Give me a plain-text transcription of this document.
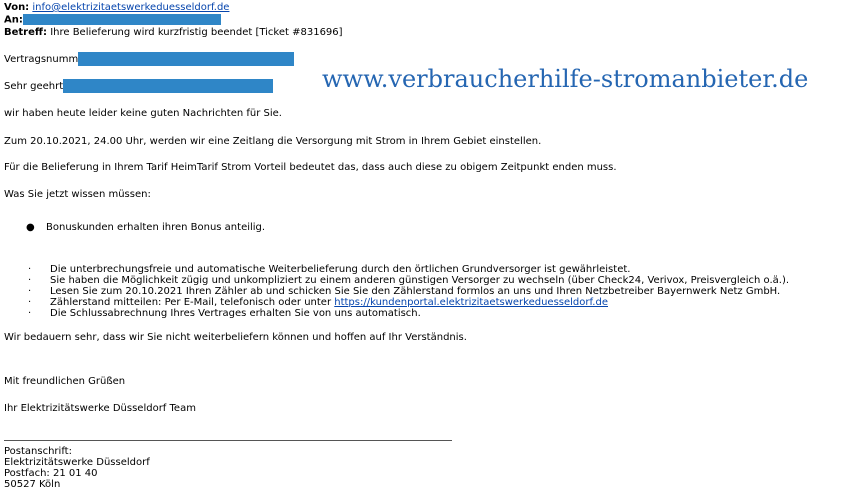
Von: info@elektrizitaetswerkeduesseldorf.de
An:
Betreff: Ihre Belieferung wird kurzfristig beendet [Ticket #831696]
Vertragsnumm
Sehr geehrt	www.verbraucherhilfe-stromanbieter.de
wir haben heute leider keine guten Nachrichten für Sie.
Zum 20.10.2021, 24.00 Uhr, werden wir eine Zeitlang die Versorgung mit Strom in Ihrem Gebiet einstellen.
Für die Belieferung in Ihrem Tarif HeimTarif Strom Vorteil bedeutet das, dass auch diese zu obigem Zeitpunkt enden muss.
Was Sie jetzt wissen müssen:
● Bonuskunden erhalten ihren Bonus anteilig.
· Die unterbrechungsfreie und automatische Weiterbelieferung durch den örtlichen Grundversorger ist gewährleistet.
· Sie haben die Möglichkeit zügig und unkompliziert zu einem anderen günstigen Versorger zu wechseln (über Check24, Verivox, Preisvergleich o.ä.).
· Lesen Sie zum 20.10.2021 Ihren Zähler ab und schicken Sie Sie den Zählerstand formlos an uns und Ihren Netzbetreiber Bayernwerk Netz GmbH.
· Zählerstand mitteilen: Per E-Mail, telefonisch oder unter https://kundenportal.elektrizitaetswerkeduesseldorf.de
· Die Schlussabrechnung Ihres Vertrages erhalten Sie von uns automatisch.
Wir bedauern sehr, dass wir Sie nicht weiterbeliefern können und hoffen auf Ihr Verständnis.
Mit freundlichen Grüßen
Ihr Elektrizitätswerke Düsseldorf Team
Postanschrift:
Elektrizitätswerke Düsseldorf
Postfach: 21 01 40
50527 Köln
